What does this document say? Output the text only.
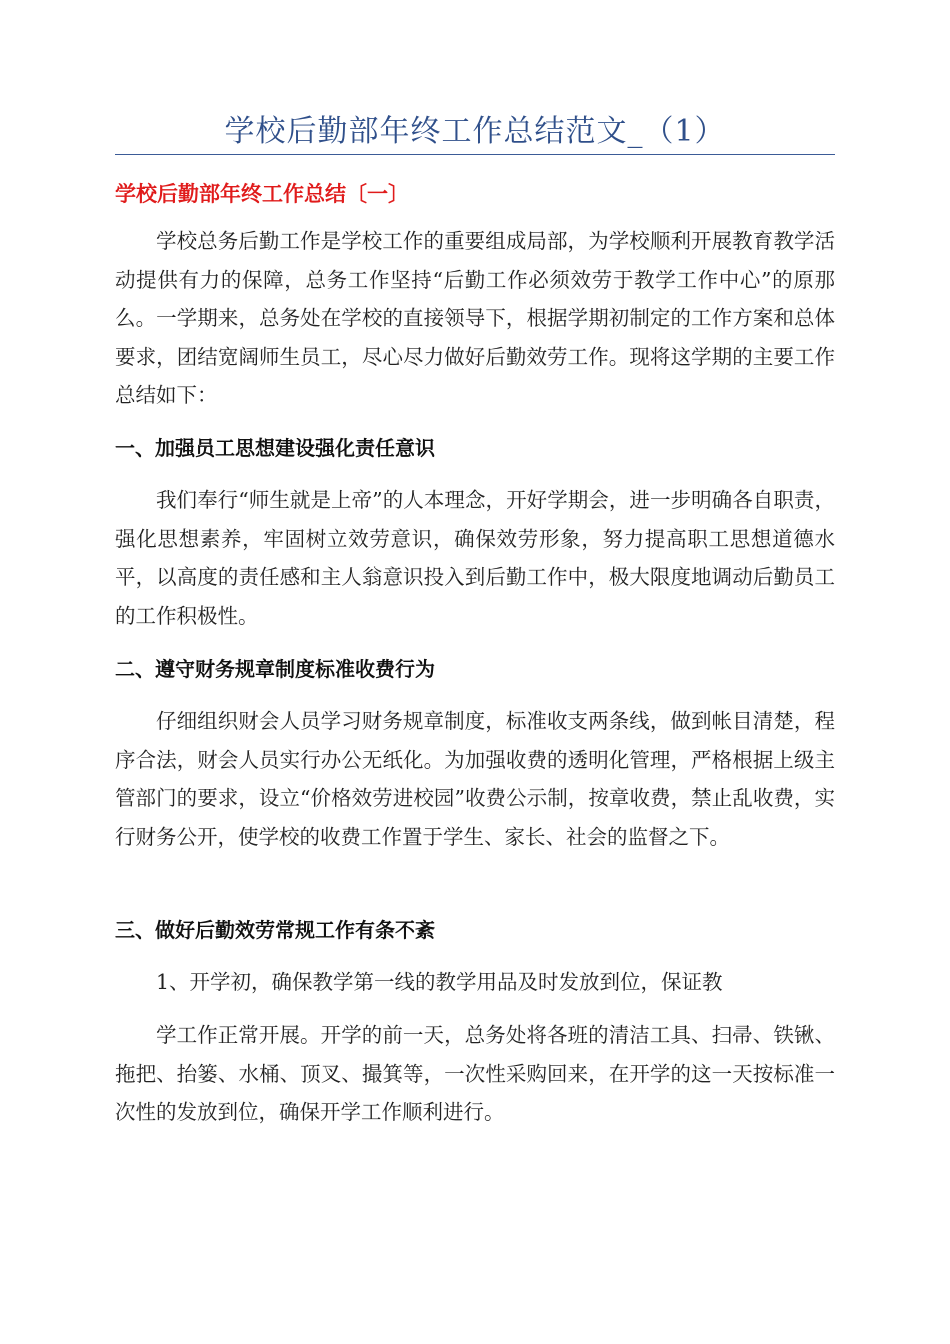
学校后勤部年终工作总结范文_（1）
学校后勤部年终工作总结〔一〕

学校总务后勤工作是学校工作的重要组成局部，为学校顺利开展教育教学活动提供有力的保障，总务工作坚持“后勤工作必须效劳于教学工作中心”的原那么。一学期来，总务处在学校的直接领导下，根据学期初制定的工作方案和总体要求，团结宽阔师生员工，尽心尽力做好后勤效劳工作。现将这学期的主要工作总结如下：

一、加强员工思想建设强化责任意识

我们奉行“师生就是上帝”的人本理念，开好学期会，进一步明确各自职责，强化思想素养，牢固树立效劳意识，确保效劳形象，努力提高职工思想道德水平，以高度的责任感和主人翁意识投入到后勤工作中，极大限度地调动后勤员工的工作积极性。

二、遵守财务规章制度标准收费行为

仔细组织财会人员学习财务规章制度，标准收支两条线，做到帐目清楚，程序合法，财会人员实行办公无纸化。为加强收费的透明化管理，严格根据上级主管部门的要求，设立“价格效劳进校园”收费公示制，按章收费，禁止乱收费，实行财务公开，使学校的收费工作置于学生、家长、社会的监督之下。

三、做好后勤效劳常规工作有条不紊

1、开学初，确保教学第一线的教学用品及时发放到位，保证教

学工作正常开展。开学的前一天，总务处将各班的清洁工具、扫帚、铁锹、拖把、抬篓、水桶、顶叉、撮箕等，一次性采购回来，在开学的这一天按标准一次性的发放到位，确保开学工作顺利进行。
